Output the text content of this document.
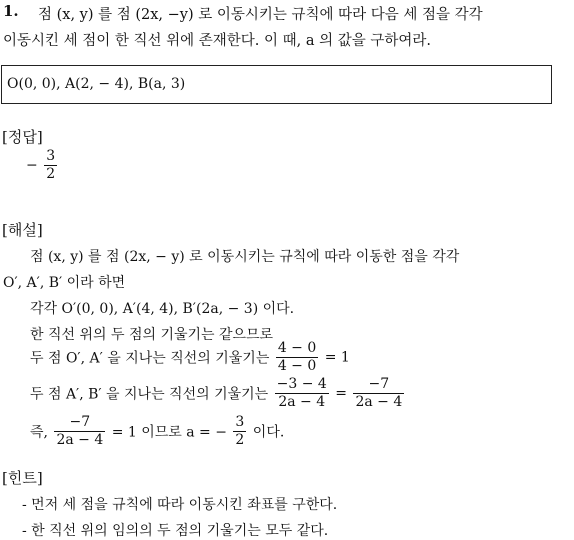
1. 점 (x, y) 를 점 (2x, −y) 로 이동시키는 규칙에 따라 다음 세 점을 각각
이동시킨 세 점이 한 직선 위에 존재한다. 이 때, a 의 값을 구하여라.
O(0, 0), A(2, − 4), B(a, 3)
[정답]
− $\frac{3}{2}$
[해설]
점 (x, y) 를 점 (2x, − y) 로 이동시키는 규칙에 따라 이동한 점을 각각
O′, A′, B′ 이라 하면
각각 O′(0, 0), A′(4, 4), B′(2a, − 3) 이다.
한 직선 위의 두 점의 기울기는 같으므로
두 점 O′, A′ 을 지나는 직선의 기울기는 $\frac{4 - 0}{4 - 0} = 1$
두 점 A′, B′ 을 지나는 직선의 기울기는 $\frac{-3 - 4}{2a - 4} = \frac{-7}{2a - 4}$
즉, $\frac{-7}{2a - 4} = 1$ 이므로 a = − $\frac{3}{2}$ 이다.
[힌트]
- 먼저 세 점을 규칙에 따라 이동시킨 좌표를 구한다.
- 한 직선 위의 임의의 두 점의 기울기는 모두 같다.
